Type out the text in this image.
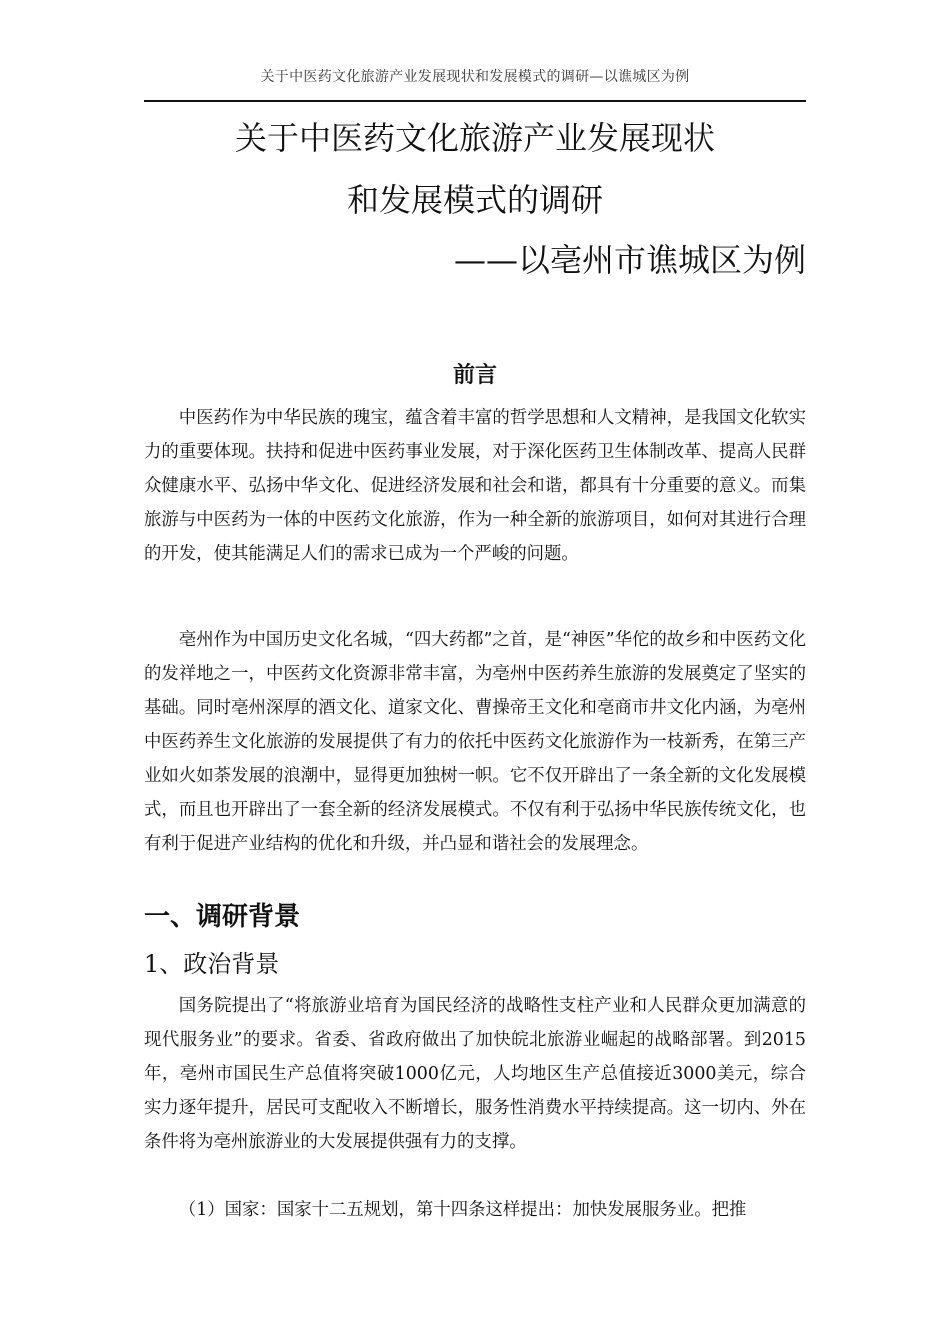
关于中医药文化旅游产业发展现状和发展模式的调研—以谯城区为例
关于中医药文化旅游产业发展现状
和发展模式的调研
——以亳州市谯城区为例
前言

中医药作为中华民族的瑰宝，蕴含着丰富的哲学思想和人文精神，是我国文化软实力的重要体现。扶持和促进中医药事业发展，对于深化医药卫生体制改革、提高人民群众健康水平、弘扬中华文化、促进经济发展和社会和谐，都具有十分重要的意义。而集旅游与中医药为一体的中医药文化旅游，作为一种全新的旅游项目，如何对其进行合理的开发，使其能满足人们的需求已成为一个严峻的问题。

亳州作为中国历史文化名城，“四大药都”之首，是“神医”华佗的故乡和中医药文化的发祥地之一，中医药文化资源非常丰富，为亳州中医药养生旅游的发展奠定了坚实的基础。同时亳州深厚的酒文化、道家文化、曹操帝王文化和亳商市井文化内涵，为亳州中医药养生文化旅游的发展提供了有力的依托中医药文化旅游作为一枝新秀，在第三产业如火如荼发展的浪潮中，显得更加独树一帜。它不仅开辟出了一条全新的文化发展模式，而且也开辟出了一套全新的经济发展模式。不仅有利于弘扬中华民族传统文化，也有利于促进产业结构的优化和升级，并凸显和谐社会的发展理念。

一、调研背景
1、政治背景

国务院提出了“将旅游业培育为国民经济的战略性支柱产业和人民群众更加满意的现代服务业”的要求。省委、省政府做出了加快皖北旅游业崛起的战略部署。到2015年，亳州市国民生产总值将突破1000亿元，人均地区生产总值接近3000美元，综合实力逐年提升，居民可支配收入不断增长，服务性消费水平持续提高。这一切内、外在条件将为亳州旅游业的大发展提供强有力的支撑。

（1）国家：国家十二五规划，第十四条这样提出：加快发展服务业。把推
